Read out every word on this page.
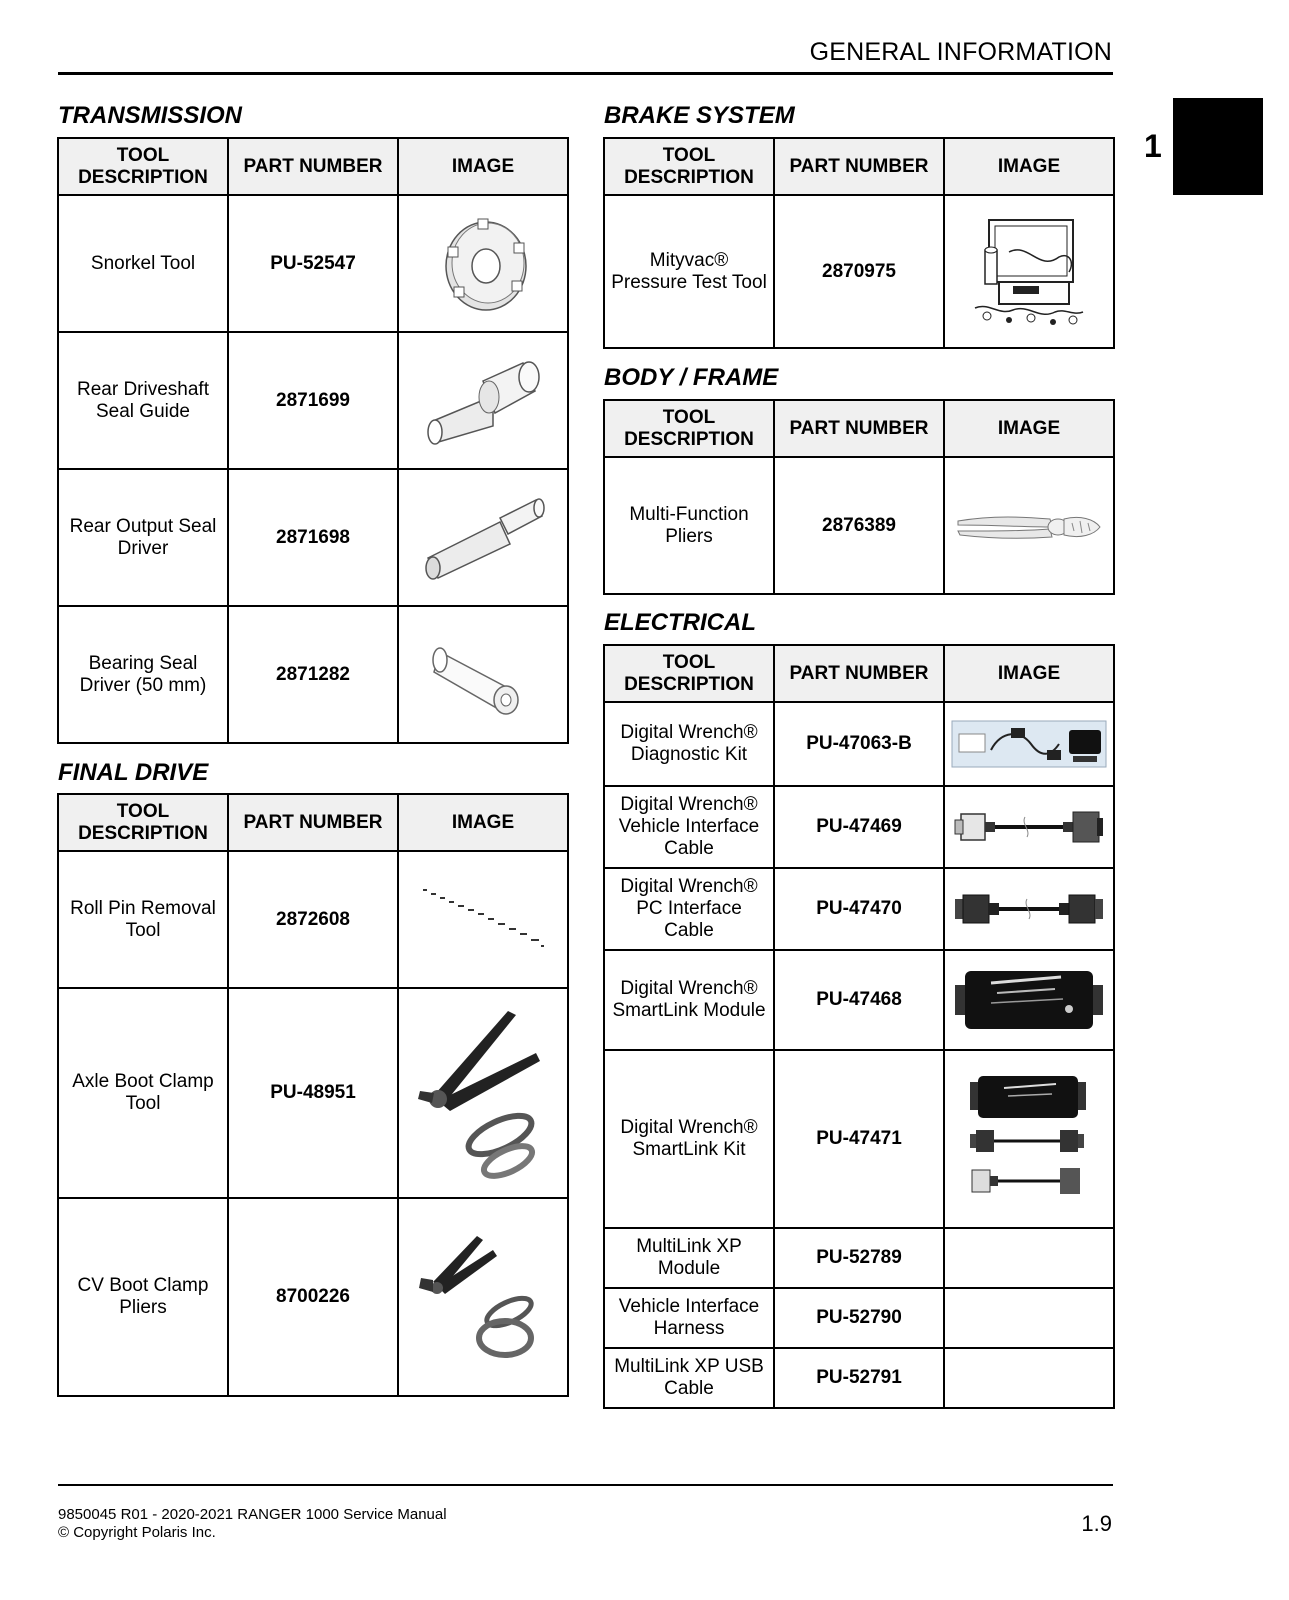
GENERAL INFORMATION
1
TRANSMISSION
TOOL DESCRIPTION	PART NUMBER	IMAGE
Snorkel Tool	PU-52547	

Rear Driveshaft Seal Guide	2871699	

Rear Output Seal Driver	2871698	

Bearing Seal Driver (50 mm)	2871282	
FINAL DRIVE
TOOL DESCRIPTION	PART NUMBER	IMAGE
Roll Pin Removal Tool	2872608	

Axle Boot Clamp Tool	PU-48951	

CV Boot Clamp Pliers	8700226	
BRAKE SYSTEM
TOOL DESCRIPTION	PART NUMBER	IMAGE
Mityvac® Pressure Test Tool	2870975	
BODY / FRAME
TOOL DESCRIPTION	PART NUMBER	IMAGE
Multi-Function Pliers	2876389	
ELECTRICAL
TOOL DESCRIPTION	PART NUMBER	IMAGE
Digital Wrench® Diagnostic Kit	PU-47063-B	

Digital Wrench® Vehicle Interface Cable	PU-47469	

Digital Wrench® PC Interface Cable	PU-47470	

Digital Wrench® SmartLink Module	PU-47468	

Digital Wrench® SmartLink Kit	PU-47471	

MultiLink XP Module	PU-52789	
Vehicle Interface Harness	PU-52790	
MultiLink XP USB Cable	PU-52791	
9850045 R01 - 2020-2021 RANGER 1000 Service Manual
© Copyright Polaris Inc.	1.9
